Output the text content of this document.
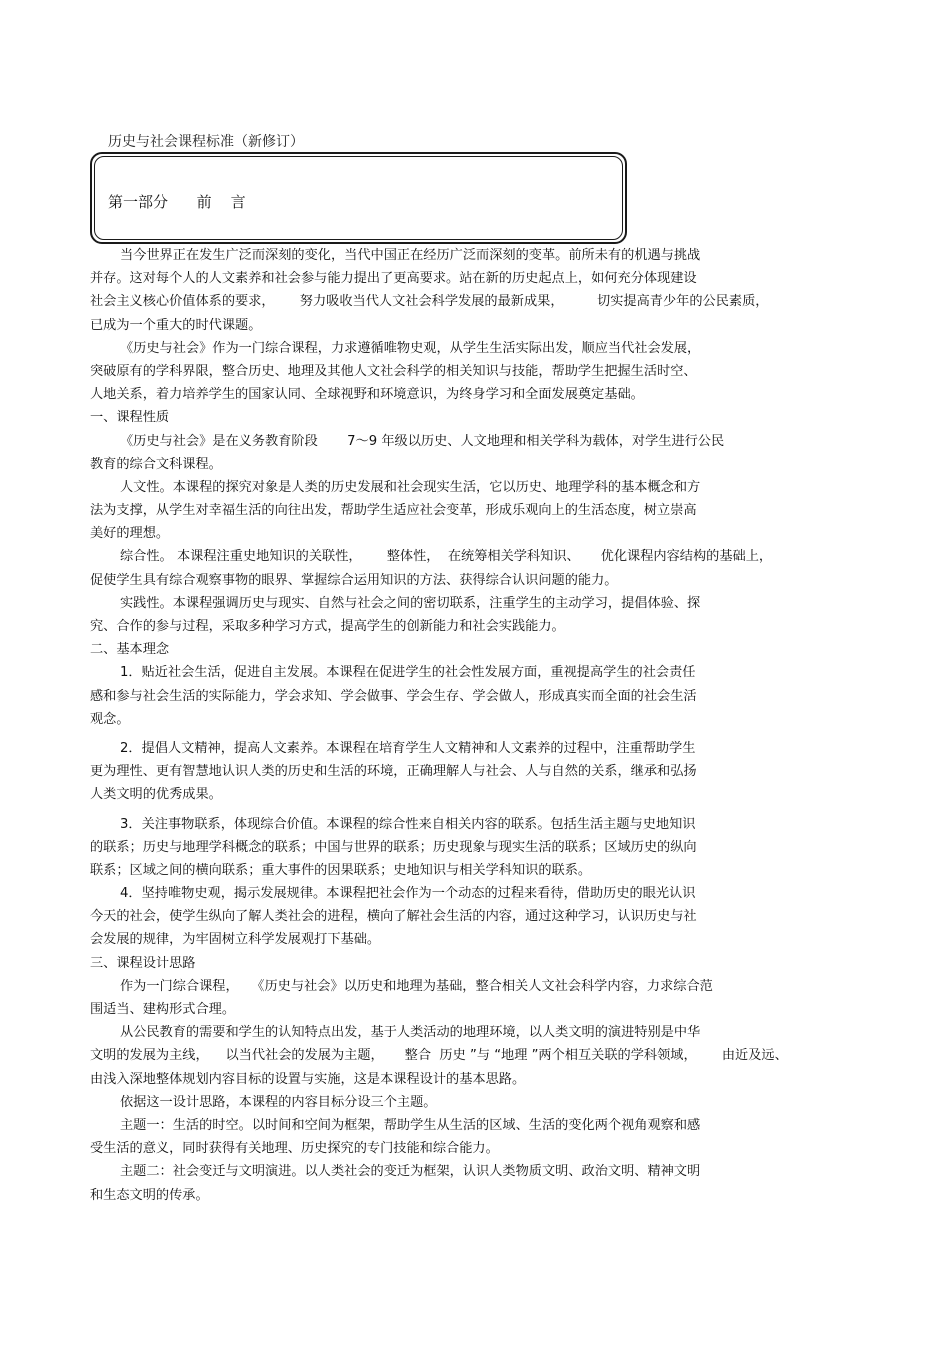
历史与社会课程标准（新修订）
第一部分      前    言
当今世界正在发生广泛而深刻的变化，当代中国正在经历广泛而深刻的变革。前所未有的机遇与挑战
并存。这对每个人的人文素养和社会参与能力提出了更高要求。站在新的历史起点上，如何充分体现建设
社会主义核心价值体系的要求，      努力吸收当代人文社会科学发展的最新成果，        切实提高青少年的公民素质，
已成为一个重大的时代课题。
《历史与社会》作为一门综合课程，力求遵循唯物史观，从学生生活实际出发，顺应当代社会发展，
突破原有的学科界限，整合历史、地理及其他人文社会科学的相关知识与技能，帮助学生把握生活时空、
人地关系，着力培养学生的国家认同、全球视野和环境意识，为终身学习和全面发展奠定基础。
一、课程性质
《历史与社会》是在义务教育阶段       7～9 年级以历史、人文地理和相关学科为载体，对学生进行公民
教育的综合文科课程。
人文性。本课程的探究对象是人类的历史发展和社会现实生活，它以历史、地理学科的基本概念和方
法为支撑，从学生对幸福生活的向往出发，帮助学生适应社会变革，形成乐观向上的生活态度，树立崇高
美好的理想。
综合性。 本课程注重史地知识的关联性，      整体性，  在统筹相关学科知识、     优化课程内容结构的基础上，
促使学生具有综合观察事物的眼界、掌握综合运用知识的方法、获得综合认识问题的能力。
实践性。本课程强调历史与现实、自然与社会之间的密切联系，注重学生的主动学习，提倡体验、探
究、合作的参与过程，采取多种学习方式，提高学生的创新能力和社会实践能力。
二、基本理念
1．贴近社会生活，促进自主发展。本课程在促进学生的社会性发展方面，重视提高学生的社会责任
感和参与社会生活的实际能力，学会求知、学会做事、学会生存、学会做人，形成真实而全面的社会生活
观念。
2．提倡人文精神，提高人文素养。本课程在培育学生人文精神和人文素养的过程中，注重帮助学生
更为理性、更有智慧地认识人类的历史和生活的环境，正确理解人与社会、人与自然的关系，继承和弘扬
人类文明的优秀成果。
3．关注事物联系，体现综合价值。本课程的综合性来自相关内容的联系。包括生活主题与史地知识
的联系；历史与地理学科概念的联系；中国与世界的联系；历史现象与现实生活的联系；区域历史的纵向
联系；区域之间的横向联系；重大事件的因果联系；史地知识与相关学科知识的联系。
4．坚持唯物史观，揭示发展规律。本课程把社会作为一个动态的过程来看待，借助历史的眼光认识
今天的社会，使学生纵向了解人类社会的进程，横向了解社会生活的内容，通过这种学习，认识历史与社
会发展的规律，为牢固树立科学发展观打下基础。
三、课程设计思路
作为一门综合课程，   《历史与社会》以历史和地理为基础，整合相关人文社会科学内容，力求综合范
围适当、建构形式合理。
从公民教育的需要和学生的认知特点出发，基于人类活动的地理环境，以人类文明的演进特别是中华
文明的发展为主线，    以当代社会的发展为主题，     整合  历史 ”与 “地理 ”两个相互关联的学科领域，      由近及远、
由浅入深地整体规划内容目标的设置与实施，这是本课程设计的基本思路。
依据这一设计思路，本课程的内容目标分设三个主题。
主题一：生活的时空。以时间和空间为框架，帮助学生从生活的区域、生活的变化两个视角观察和感
受生活的意义，同时获得有关地理、历史探究的专门技能和综合能力。
主题二：社会变迁与文明演进。以人类社会的变迁为框架，认识人类物质文明、政治文明、精神文明
和生态文明的传承。
